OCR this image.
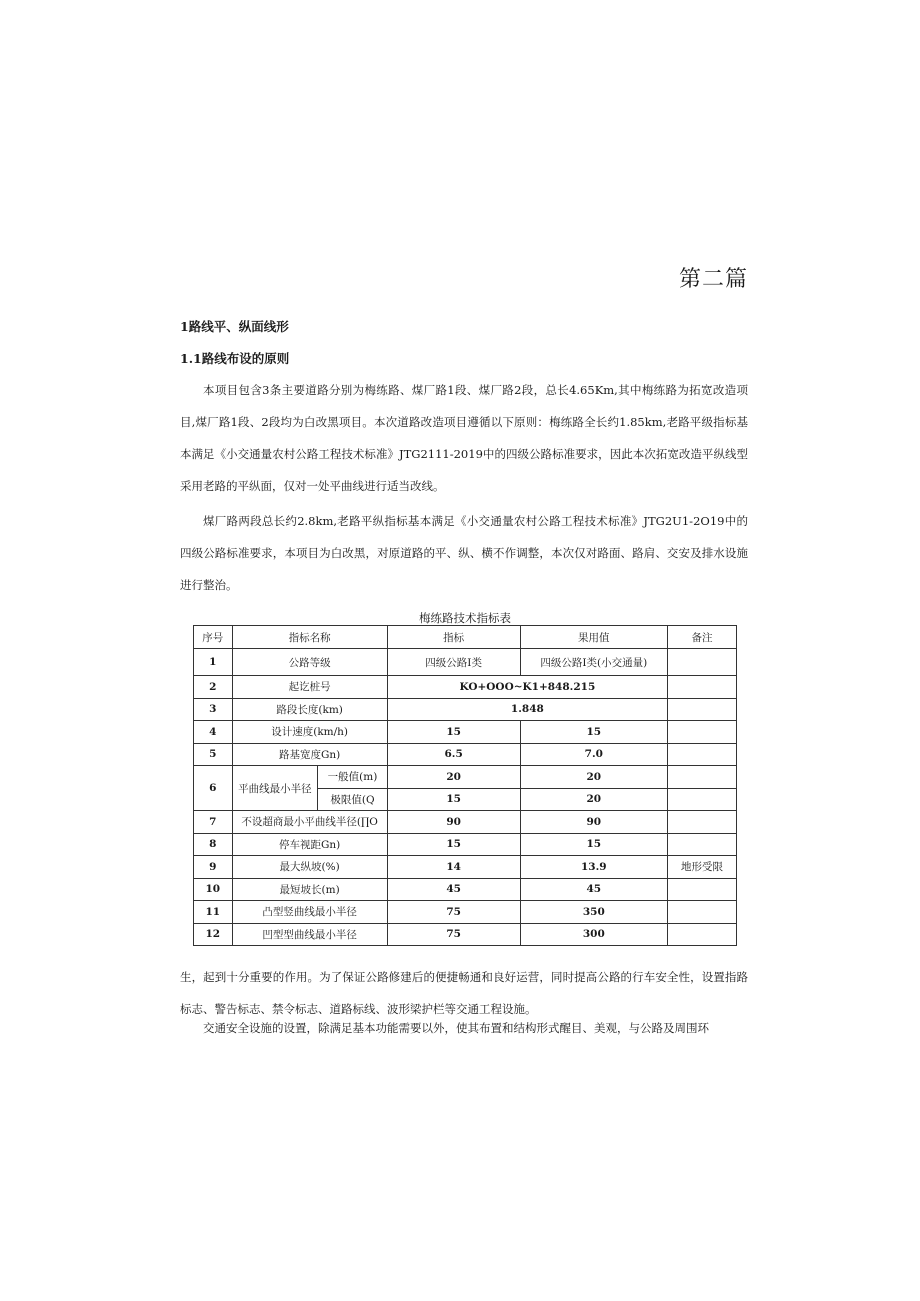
第二篇
1路线平、纵面线形
1.1路线布设的原则

本项目包含3条主要道路分别为梅练路、煤厂路1段、煤厂路2段，总长4.65Km,其中梅练路为拓宽改造项目,煤厂路1段、2段均为白改黑项目。本次道路改造项目遵循以下原则：梅练路全长约1.85km,老路平级指标基本满足《小交通量农村公路工程技术标准》JTG2111-2019中的四级公路标准要求，因此本次拓宽改造平纵线型采用老路的平纵面，仅对一处平曲线进行适当改线。

煤厂路两段总长约2.8km,老路平纵指标基本满足《小交通量农村公路工程技术标准》JTG2U1-2O19中的四级公路标准要求，本项目为白改黑，对原道路的平、纵、横不作调整，本次仅对路面、路肩、交安及排水设施进行整治。

梅练路技术指标表
序号	指标名称		指标	果用值	备注
1	公路等级		四级公路I类	四级公路I类(小交通量)	
2	起讫桩号		KO+OOO~K1+848.215		
3	路段长度(km)		1.848		
4	设计速度(km/h)		15	15	
5	路基宽度Gn)		6.5	7.0	
6	平曲线最小半径	一般值(m)	20	20	
		极限值(Q	15	20	
7	不设超商最小平曲线半径(∏O		90	90	
8	停车视距Gn)		15	15	
9	最大纵坡(%)		14	13.9	地形受限
10	最短坡长(m)		45	45	
11	凸型竖曲线最小半径		75	350	
12	凹型型曲线最小半径		75	300	

生，起到十分重要的作用。为了保证公路修建后的便捷畅通和良好运营，同时提高公路的行车安全性，设置指路标志、警告标志、禁令标志、道路标线、波形梁护栏等交通工程设施。

交通安全设施的设置，除满足基本功能需要以外，使其布置和结构形式醒目、美观，与公路及周围环
